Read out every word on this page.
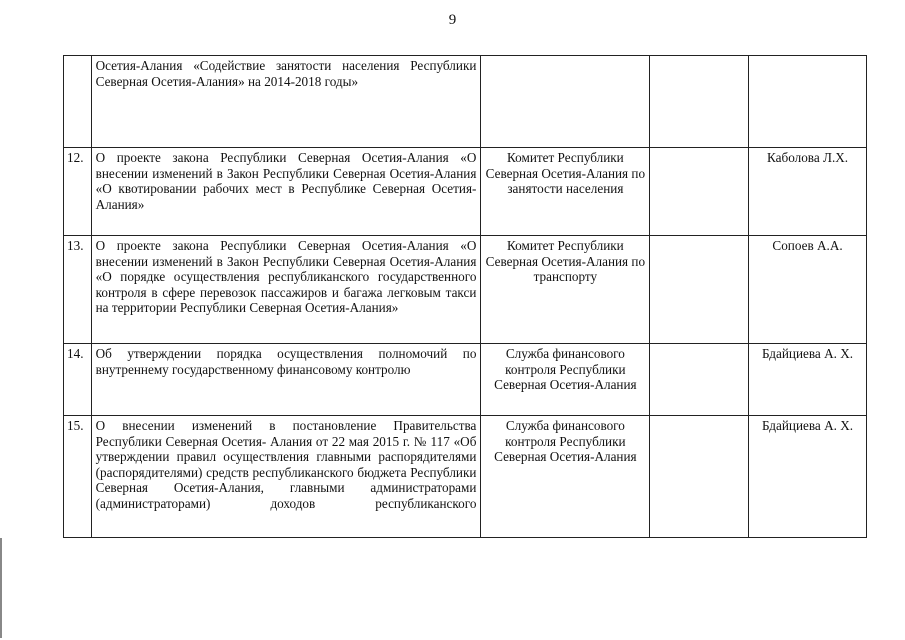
9
	Осетия-Алания «Содействие занятости населения Республики Северная Осетия-Алания» на 2014-2018 годы»			
12.	О проекте закона Республики Северная Осетия-Алания «О внесении изменений в Закон Республики Северная Осетия-Алания «О квотировании рабочих мест в Республике Северная Осетия-Алания»	Комитет Республики Северная Осетия-Алания по занятости населения		Каболова Л.Х.
13.	О проекте закона Республики Северная Осетия-Алания «О внесении изменений в Закон Республики Северная Осетия-Алания «О порядке осуществления республиканского государственного контроля в сфере перевозок пассажиров и багажа легковым такси на территории Республики Северная Осетия-Алания»	Комитет Республики Северная Осетия-Алания по транспорту		Сопоев А.А.
14.	Об утверждении порядка осуществления полномочий по внутреннему государственному финансовому контролю	Служба финансового контроля Республики Северная Осетия-Алания		Бдайциева А. Х.
15.	О внесении изменений в постановление Правительства Республики Северная Осетия- Алания от 22 мая 2015 г. № 117 «Об утверждении правил осуществления главными распорядителями (распорядителями) средств республиканского бюджета Республики Северная Осетия-Алания, главными администраторами (администраторами) доходов республиканского	Служба финансового контроля Республики Северная Осетия-Алания		Бдайциева А. Х.
